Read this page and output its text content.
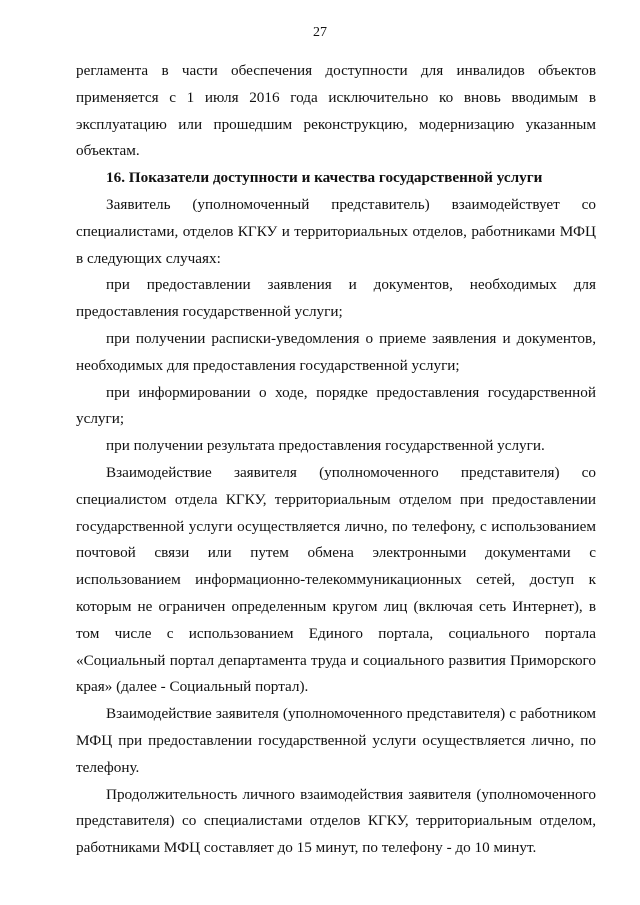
27

регламента в части обеспечения доступности для инвалидов объектов применяется с 1 июля 2016 года исключительно ко вновь вводимым в эксплуатацию или прошедшим реконструкцию, модернизацию указанным объектам.

16. Показатели доступности и качества государственной услуги

Заявитель (уполномоченный представитель) взаимодействует со специалистами, отделов КГКУ и территориальных отделов, работниками МФЦ в следующих случаях:

при предоставлении заявления и документов, необходимых для предоставления государственной услуги;

при получении расписки-уведомления о приеме заявления и документов, необходимых для предоставления государственной услуги;

при информировании о ходе, порядке предоставления государственной услуги;

при получении результата предоставления государственной услуги.

Взаимодействие заявителя (уполномоченного представителя) со специалистом отдела КГКУ, территориальным отделом при предоставлении государственной услуги осуществляется лично, по телефону, с использованием почтовой связи или путем обмена электронными документами с использованием информационно-телекоммуникационных сетей, доступ к которым не ограничен определенным кругом лиц (включая сеть Интернет), в том числе с использованием Единого портала, социального портала «Социальный портал департамента труда и социального развития Приморского края» (далее - Социальный портал).

Взаимодействие заявителя (уполномоченного представителя) с работником МФЦ при предоставлении государственной услуги осуществляется лично, по телефону.

Продолжительность личного взаимодействия заявителя (уполномоченного представителя) со специалистами отделов КГКУ, территориальным отделом, работниками МФЦ составляет до 15 минут, по телефону - до 10 минут.
